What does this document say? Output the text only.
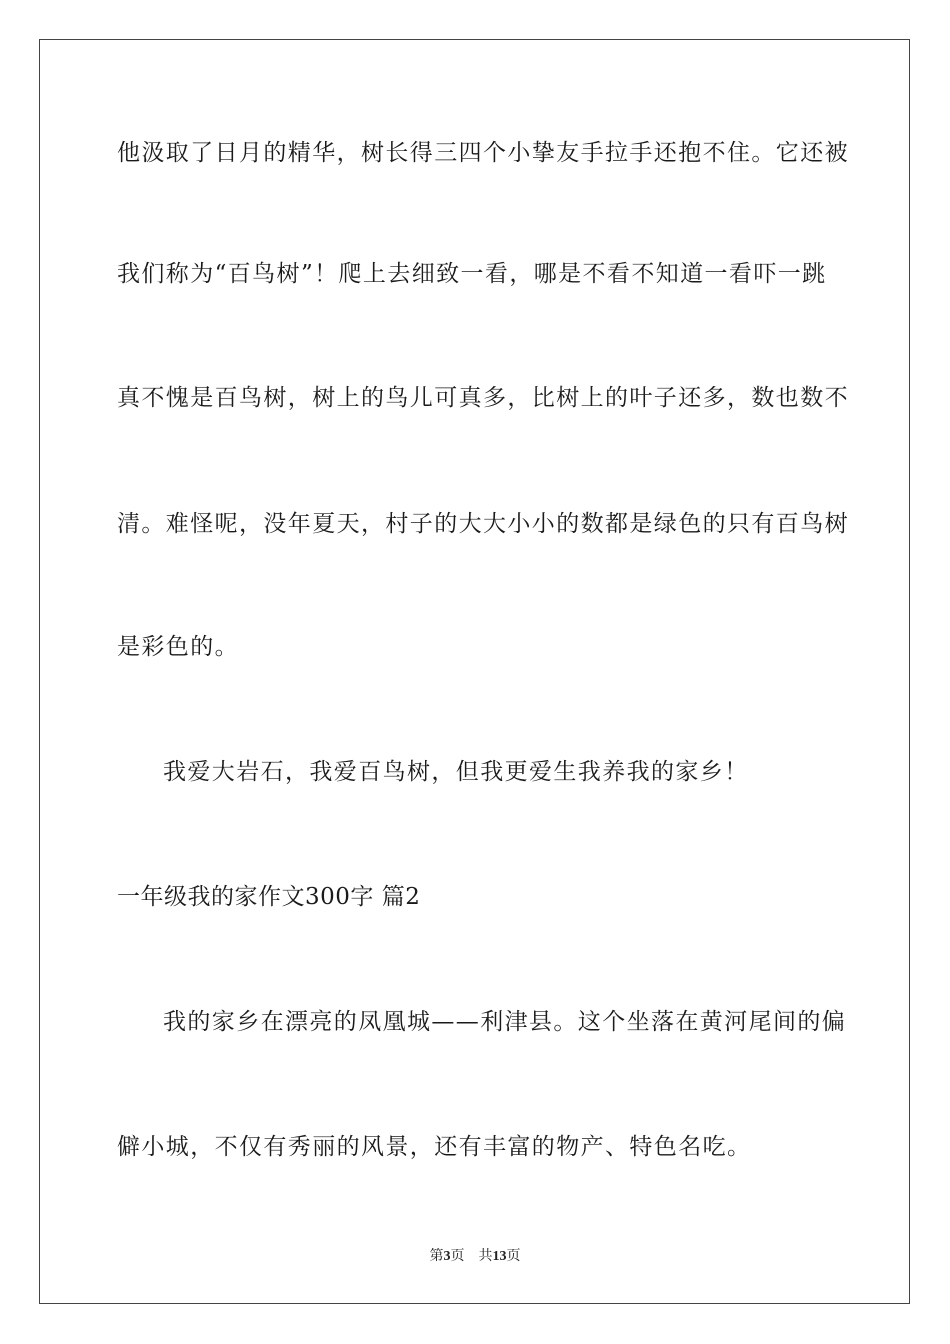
他汲取了日月的精华，树长得三四个小挚友手拉手还抱不住。它还被
我们称为“百鸟树”！爬上去细致一看，哪是不看不知道一看吓一跳
真不愧是百鸟树，树上的鸟儿可真多，比树上的叶子还多，数也数不
清。难怪呢，没年夏天，村子的大大小小的数都是绿色的只有百鸟树
是彩色的。
我爱大岩石，我爱百鸟树，但我更爱生我养我的家乡！
一年级我的家作文300字 篇2
我的家乡在漂亮的凤凰城——利津县。这个坐落在黄河尾间的偏
僻小城，不仅有秀丽的风景，还有丰富的物产、特色名吃。
第3页 共13页
